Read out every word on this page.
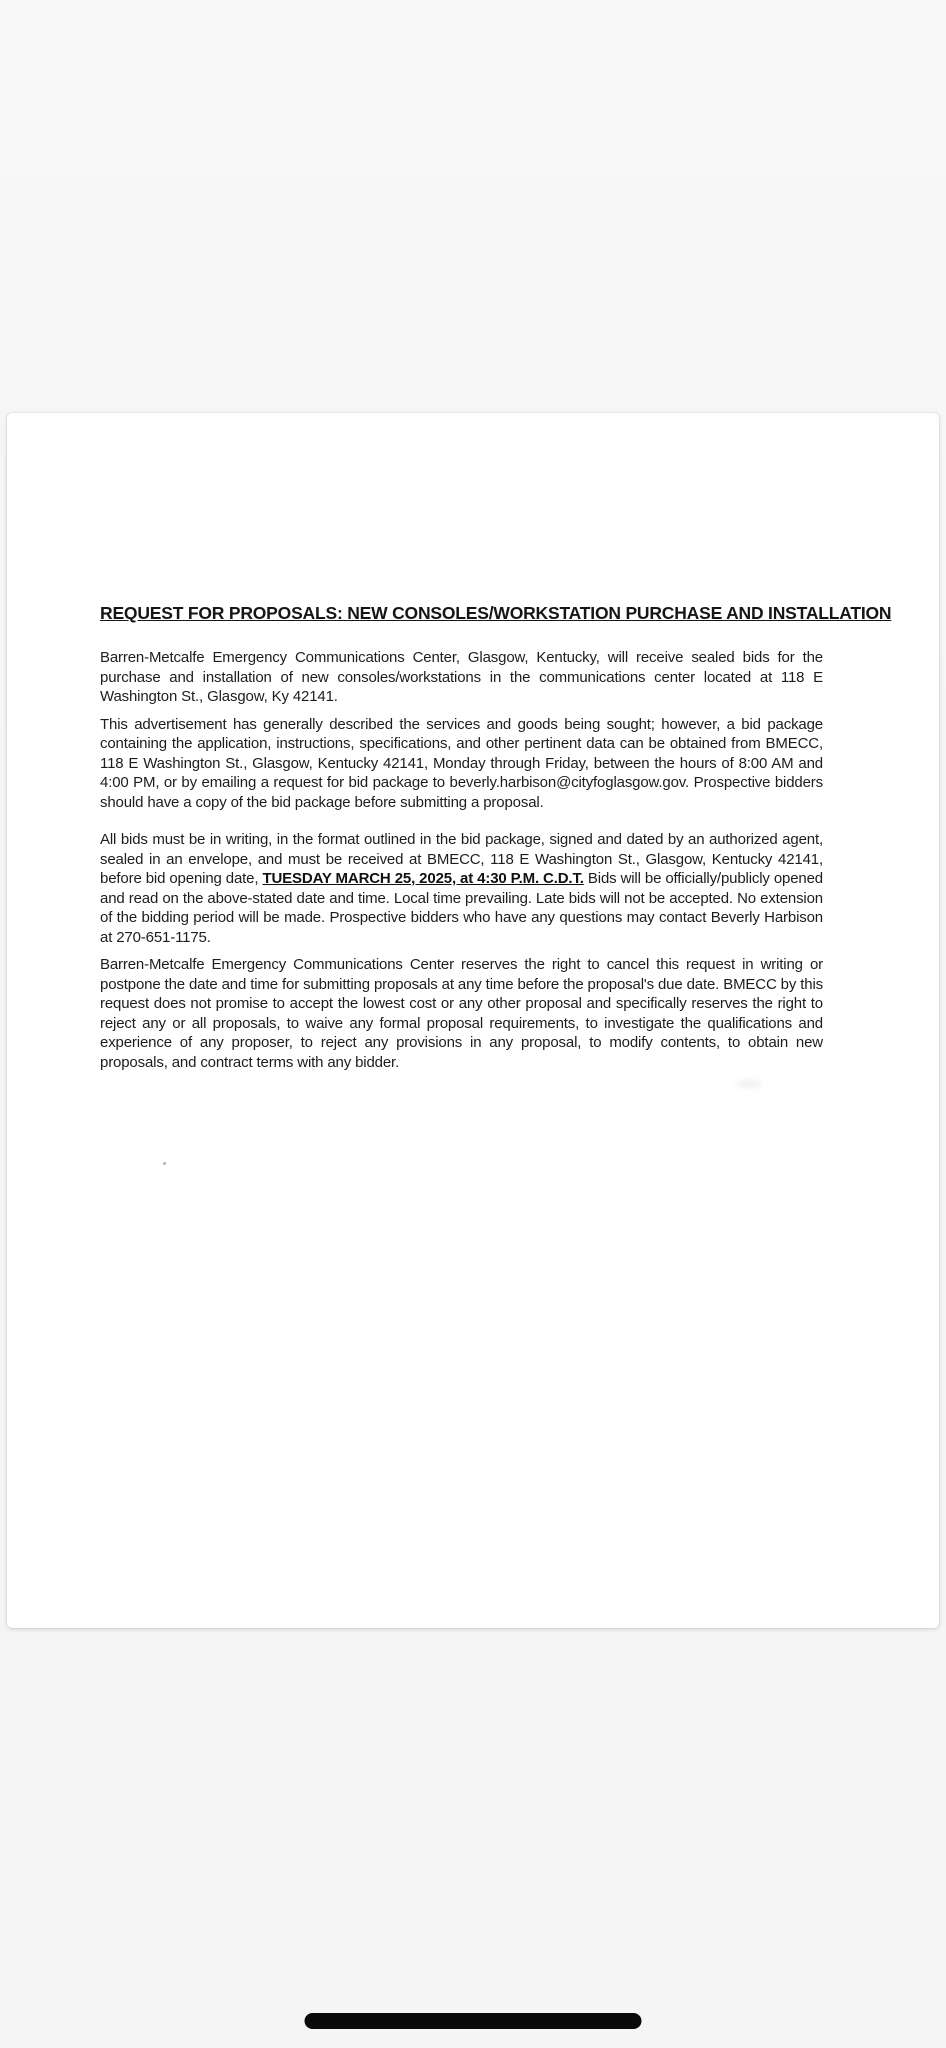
REQUEST FOR PROPOSALS: NEW CONSOLES/WORKSTATION PURCHASE AND INSTALLATION

Barren-Metcalfe Emergency Communications Center, Glasgow, Kentucky, will receive sealed bids for the purchase and installation of new consoles/workstations in the communications center located at 118 E Washington St., Glasgow, Ky 42141.

This advertisement has generally described the services and goods being sought; however, a bid package containing the application, instructions, specifications, and other pertinent data can be obtained from BMECC, 118 E Washington St., Glasgow, Kentucky 42141, Monday through Friday, between the hours of 8:00 AM and 4:00 PM, or by emailing a request for bid package to beverly.harbison@cityfoglasgow.gov. Prospective bidders should have a copy of the bid package before submitting a proposal.

All bids must be in writing, in the format outlined in the bid package, signed and dated by an authorized agent, sealed in an envelope, and must be received at BMECC, 118 E Washington St., Glasgow, Kentucky 42141, before bid opening date, TUESDAY MARCH 25, 2025, at 4:30 P.M. C.D.T. Bids will be officially/publicly opened and read on the above-stated date and time. Local time prevailing. Late bids will not be accepted. No extension of the bidding period will be made. Prospective bidders who have any questions may contact Beverly Harbison at 270-651-1175.

Barren-Metcalfe Emergency Communications Center reserves the right to cancel this request in writing or postpone the date and time for submitting proposals at any time before the proposal's due date. BMECC by this request does not promise to accept the lowest cost or any other proposal and specifically reserves the right to reject any or all proposals, to waive any formal proposal requirements, to investigate the qualifications and experience of any proposer, to reject any provisions in any proposal, to modify contents, to obtain new proposals, and contract terms with any bidder.
